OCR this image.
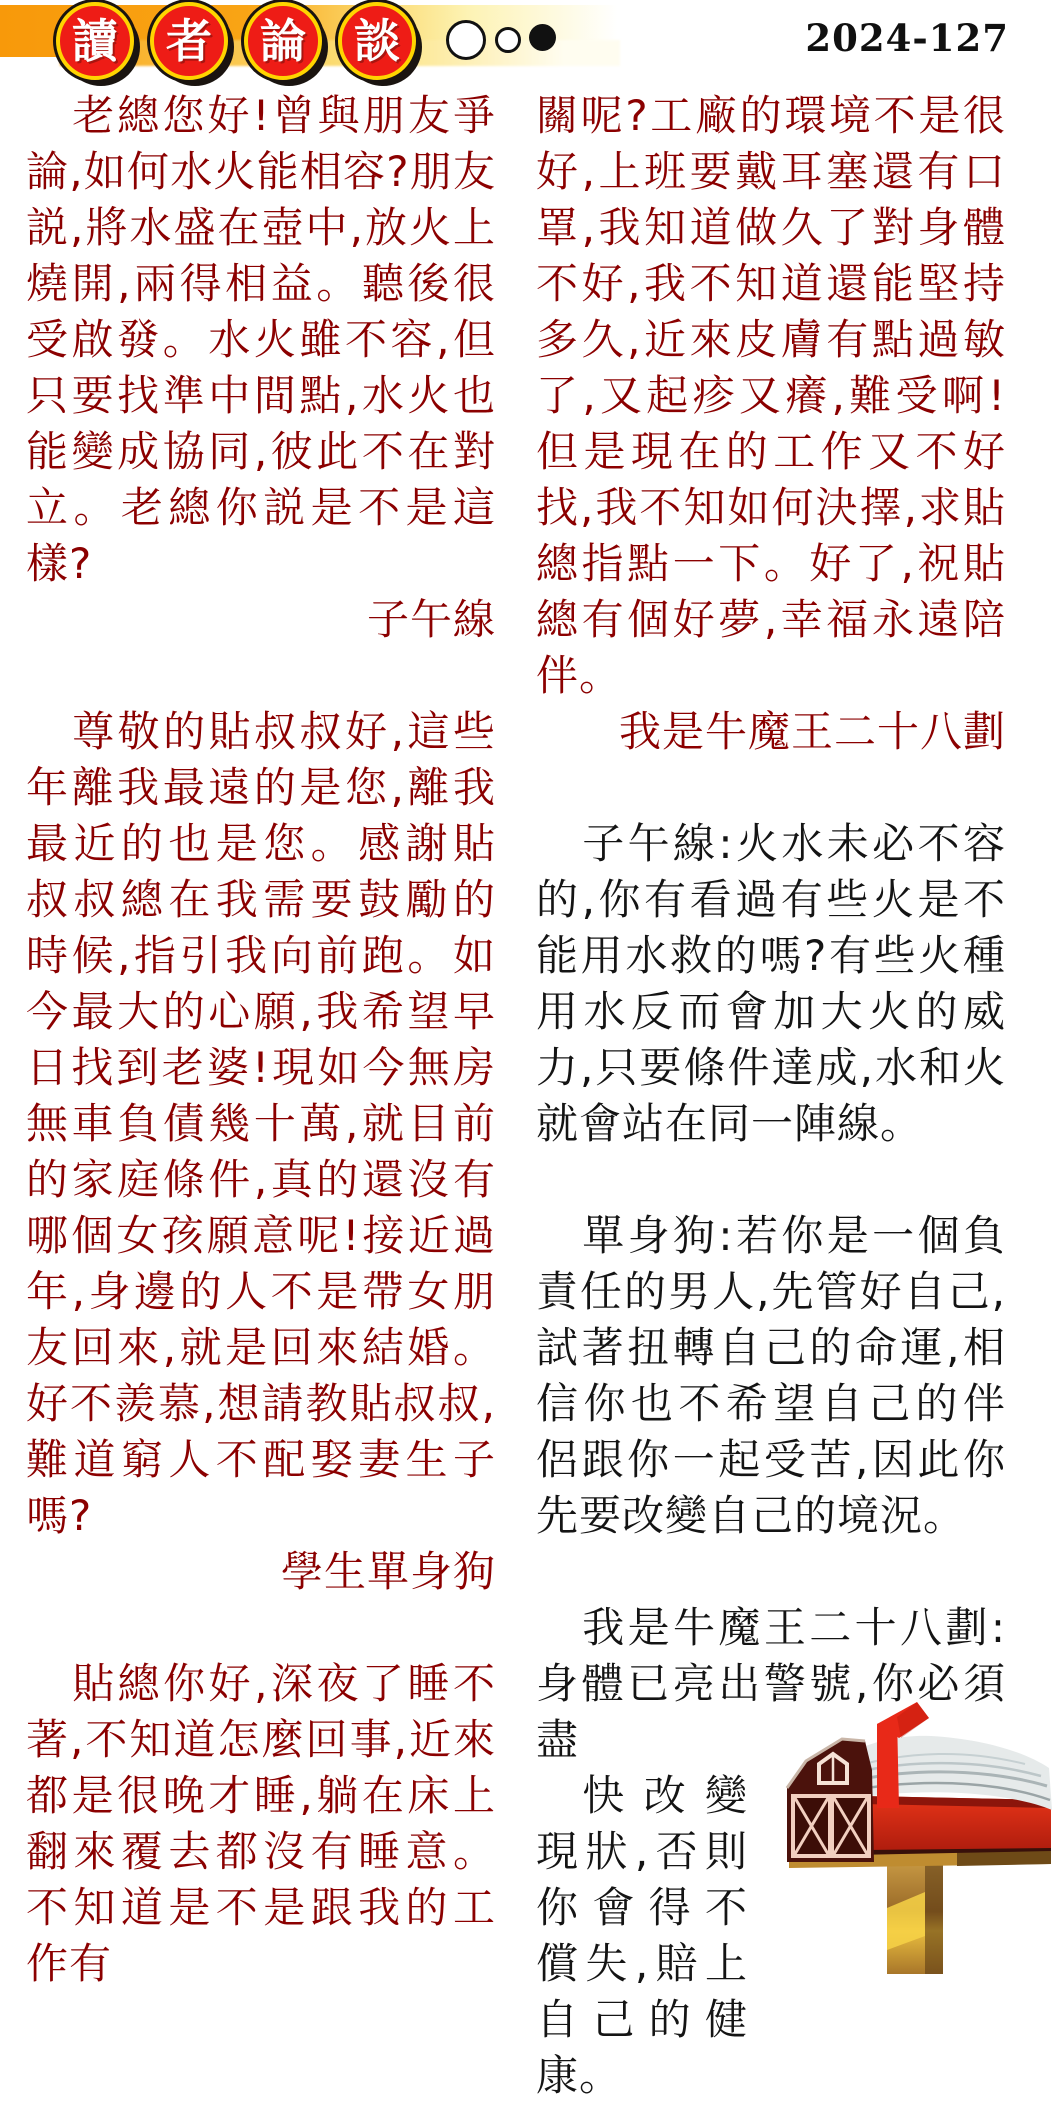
讀 者 論 談	2024-127

老總您好!曾與朋友爭論,如何水火能相容?朋友説,將水盛在壺中,放火上燒開,兩得相益。聽後很受啟發。水火雖不容,但只要找準中間點,水火也能變成協同,彼此不在對立。老總你説是不是這樣?

子午線

尊敬的貼叔叔好,這些年離我最遠的是您,離我最近的也是您。感謝貼叔叔總在我需要鼓勵的時候,指引我向前跑。如今最大的心願,我希望早日找到老婆!現如今無房無車負債幾十萬,就目前的家庭條件,真的還沒有哪個女孩願意呢!接近過年,身邊的人不是帶女朋友回來,就是回來結婚。好不羨慕,想請教貼叔叔,難道窮人不配娶妻生子嗎?

學生單身狗

貼總你好,深夜了睡不著,不知道怎麼回事,近來都是很晚才睡,躺在床上翻來覆去都沒有睡意。不知道是不是跟我的工作有

關呢?工廠的環境不是很好,上班要戴耳塞還有口罩,我知道做久了對身體不好,我不知道還能堅持多久,近來皮膚有點過敏了,又起疹又癢,難受啊!但是現在的工作又不好找,我不知如何決擇,求貼總指點一下。好了,祝貼總有個好夢,幸福永遠陪伴。

我是牛魔王二十八劃

子午線:火水未必不容的,你有看過有些火是不能用水救的嗎?有些火種用水反而會加大火的威力,只要條件達成,水和火就會站在同一陣線。

單身狗:若你是一個負責任的男人,先管好自己,試著扭轉自己的命運,相信你也不希望自己的伴侶跟你一起受苦,因此你先要改變自己的境況。

我是牛魔王二十八劃:身體已亮出警號,你必須盡
快改變現狀,否則你會得不償失,賠上自己的健康。
